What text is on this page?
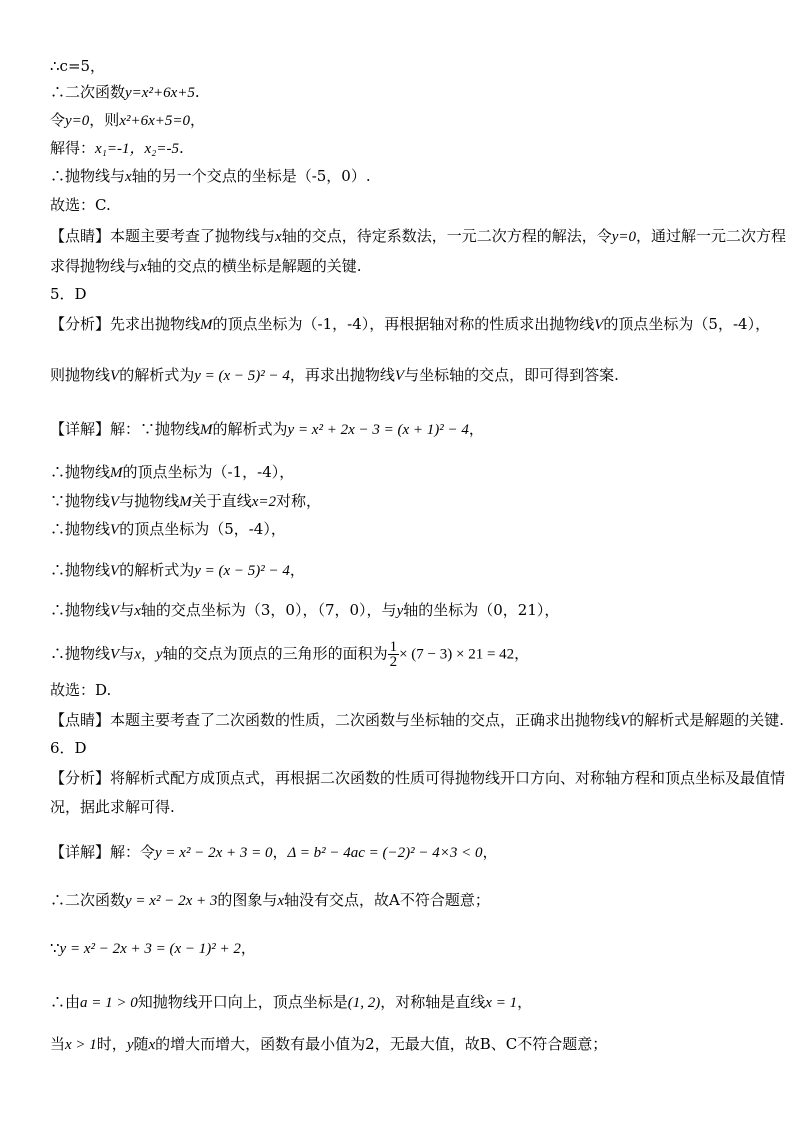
∴c=5，
∴二次函数y=x²+6x+5.
令y=0，则x²+6x+5=0，
解得：x₁=-1，x₂=-5.
∴抛物线与x轴的另一个交点的坐标是（-5，0）.
故选：C.
【点睛】本题主要考查了抛物线与x轴的交点，待定系数法，一元二次方程的解法，令y=0，通过解一元二次方程
求得抛物线与x轴的交点的横坐标是解题的关键.
5．D
【分析】先求出抛物线M的顶点坐标为（-1，-4），再根据轴对称的性质求出抛物线V的顶点坐标为（5，-4），
则抛物线V的解析式为y = (x − 5)² − 4，再求出抛物线V与坐标轴的交点，即可得到答案.
【详解】解：∵抛物线M的解析式为y = x² + 2x − 3 = (x + 1)² − 4，
∴抛物线M的顶点坐标为（-1，-4），
∵抛物线V与抛物线M关于直线x=2对称，
∴抛物线V的顶点坐标为（5，-4），
∴抛物线V的解析式为y = (x − 5)² − 4，
∴抛物线V与x轴的交点坐标为（3，0），（7，0），与y轴的坐标为（0，21），
∴抛物线V与x，y轴的交点为顶点的三角形的面积为 $\frac{1}{2} \times (7 - 3) \times 21 = 42$，
故选：D.
【点睛】本题主要考查了二次函数的性质，二次函数与坐标轴的交点，正确求出抛物线V的解析式是解题的关键.
6．D
【分析】将解析式配方成顶点式，再根据二次函数的性质可得抛物线开口方向、对称轴方程和顶点坐标及最值情
况，据此求解可得.
【详解】解：令y = x² − 2x + 3 = 0，Δ = b² − 4ac = (−2)² − 4×3 < 0，
∴二次函数y = x² − 2x + 3的图象与x轴没有交点，故A不符合题意；
∵y = x² − 2x + 3 = (x − 1)² + 2，
∴由a = 1 > 0知抛物线开口向上，顶点坐标是(1, 2)，对称轴是直线x = 1，
当x > 1时，y随x的增大而增大，函数有最小值为2，无最大值，故B、C不符合题意；
